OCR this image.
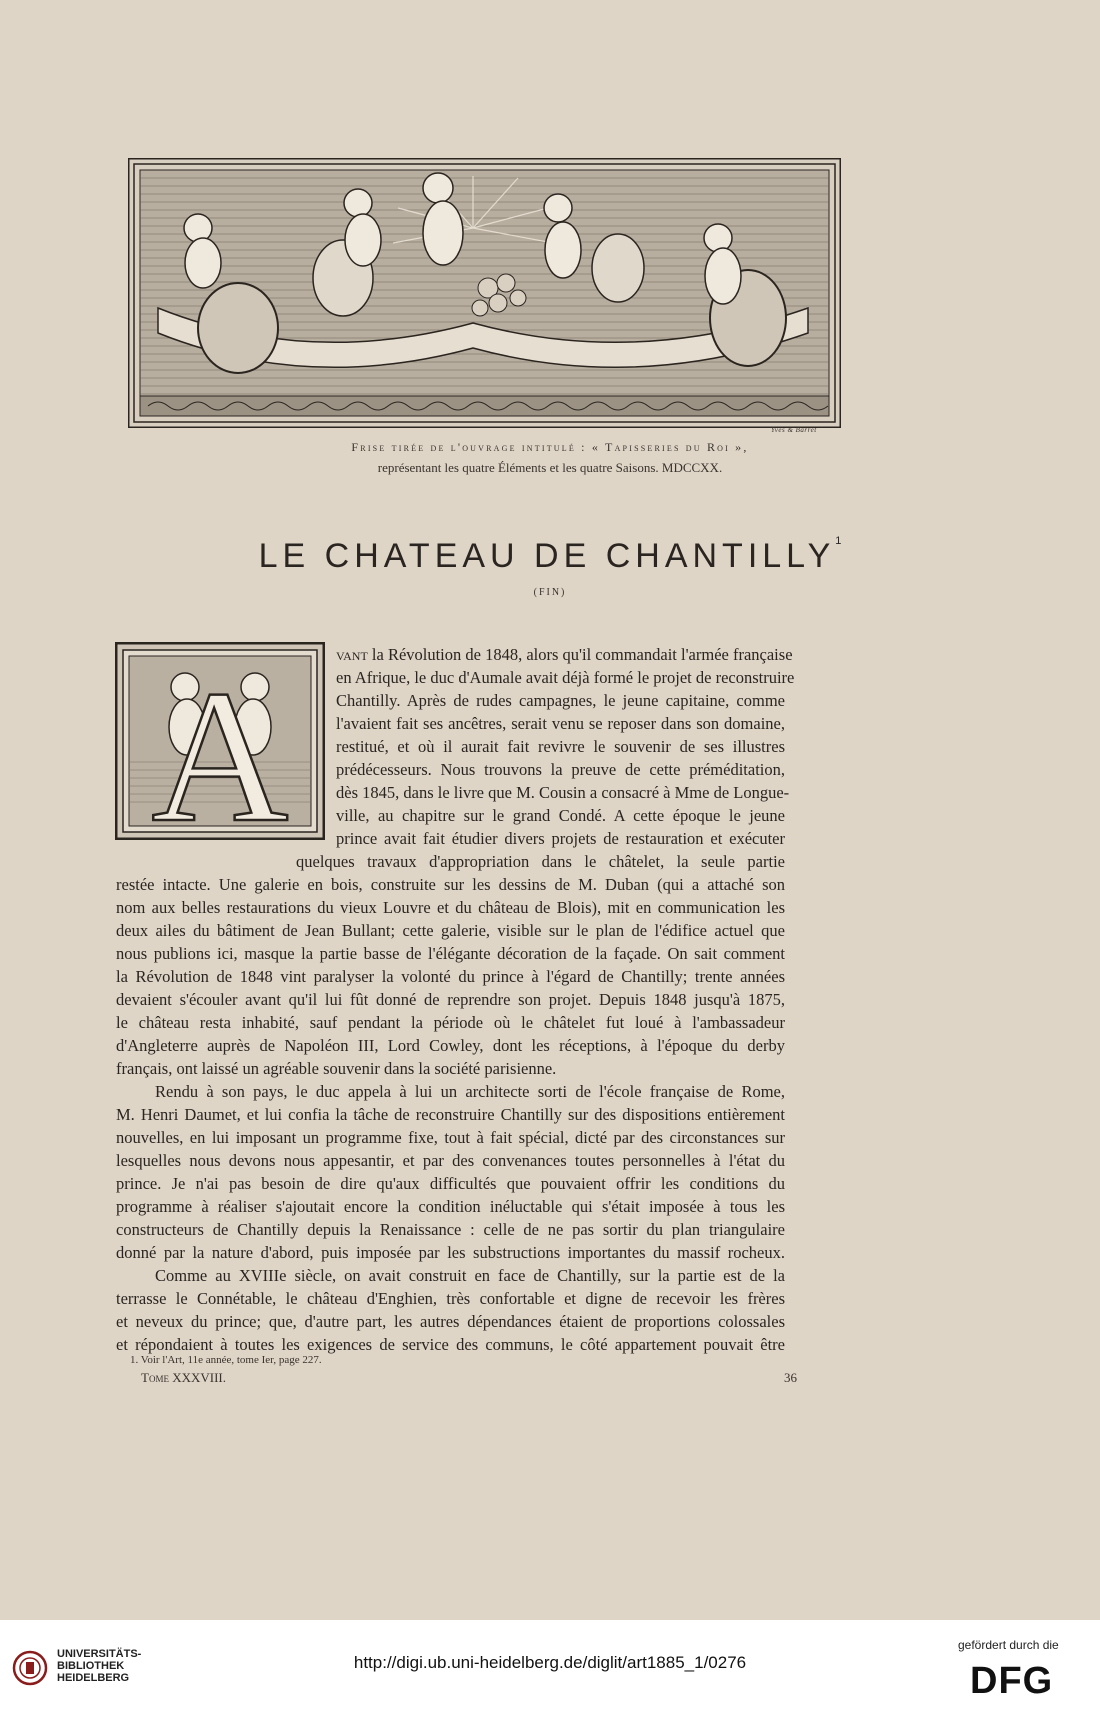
Yves & Barret
Frise tirée de l'ouvrage intitulé : « Tapisseries du Roi »,
représentant les quatre Éléments et les quatre Saisons. MDCCXX.
LE CHATEAU DE CHANTILLY$^1$
(FIN)
A	vant la Révolution de 1848, alors qu'il commandait l'armée française
en Afrique, le duc d'Aumale avait déjà formé le projet de reconstruire
Chantilly. Après de rudes campagnes, le jeune capitaine, comme
l'avaient fait ses ancêtres, serait venu se reposer dans son domaine,
restitué, et où il aurait fait revivre le souvenir de ses illustres
prédécesseurs. Nous trouvons la preuve de cette préméditation,
dès 1845, dans le livre que M. Cousin a consacré à Mme de Longue-
ville, au chapitre sur le grand Condé. A cette époque le jeune
prince avait fait étudier divers projets de restauration et exécuter
quelques travaux d'appropriation dans le châtelet, la seule partie
restée intacte. Une galerie en bois, construite sur les dessins de M. Duban (qui a attaché son
nom aux belles restaurations du vieux Louvre et du château de Blois), mit en communication les
deux ailes du bâtiment de Jean Bullant; cette galerie, visible sur le plan de l'édifice actuel que
nous publions ici, masque la partie basse de l'élégante décoration de la façade. On sait comment
la Révolution de 1848 vint paralyser la volonté du prince à l'égard de Chantilly; trente années
devaient s'écouler avant qu'il lui fût donné de reprendre son projet. Depuis 1848 jusqu'à 1875,
le château resta inhabité, sauf pendant la période où le châtelet fut loué à l'ambassadeur
d'Angleterre auprès de Napoléon III, Lord Cowley, dont les réceptions, à l'époque du derby
français, ont laissé un agréable souvenir dans la société parisienne.
Rendu à son pays, le duc appela à lui un architecte sorti de l'école française de Rome,
M. Henri Daumet, et lui confia la tâche de reconstruire Chantilly sur des dispositions entièrement
nouvelles, en lui imposant un programme fixe, tout à fait spécial, dicté par des circonstances sur
lesquelles nous devons nous appesantir, et par des convenances toutes personnelles à l'état du
prince. Je n'ai pas besoin de dire qu'aux difficultés que pouvaient offrir les conditions du
programme à réaliser s'ajoutait encore la condition inéluctable qui s'était imposée à tous les
constructeurs de Chantilly depuis la Renaissance : celle de ne pas sortir du plan triangulaire
donné par la nature d'abord, puis imposée par les substructions importantes du massif rocheux.
Comme au XVIIIe siècle, on avait construit en face de Chantilly, sur la partie est de la
terrasse le Connétable, le château d'Enghien, très confortable et digne de recevoir les frères
et neveux du prince; que, d'autre part, les autres dépendances étaient de proportions colossales
et répondaient à toutes les exigences de service des communs, le côté appartement pouvait être
1. Voir l'Art, 11e année, tome Ier, page 227.
Tome XXXVIII.	36
UNIVERSITÄTS-
BIBLIOTHEK
HEIDELBERG
http://digi.ub.uni-heidelberg.de/diglit/art1885_1/0276
gefördert durch die
DFG
